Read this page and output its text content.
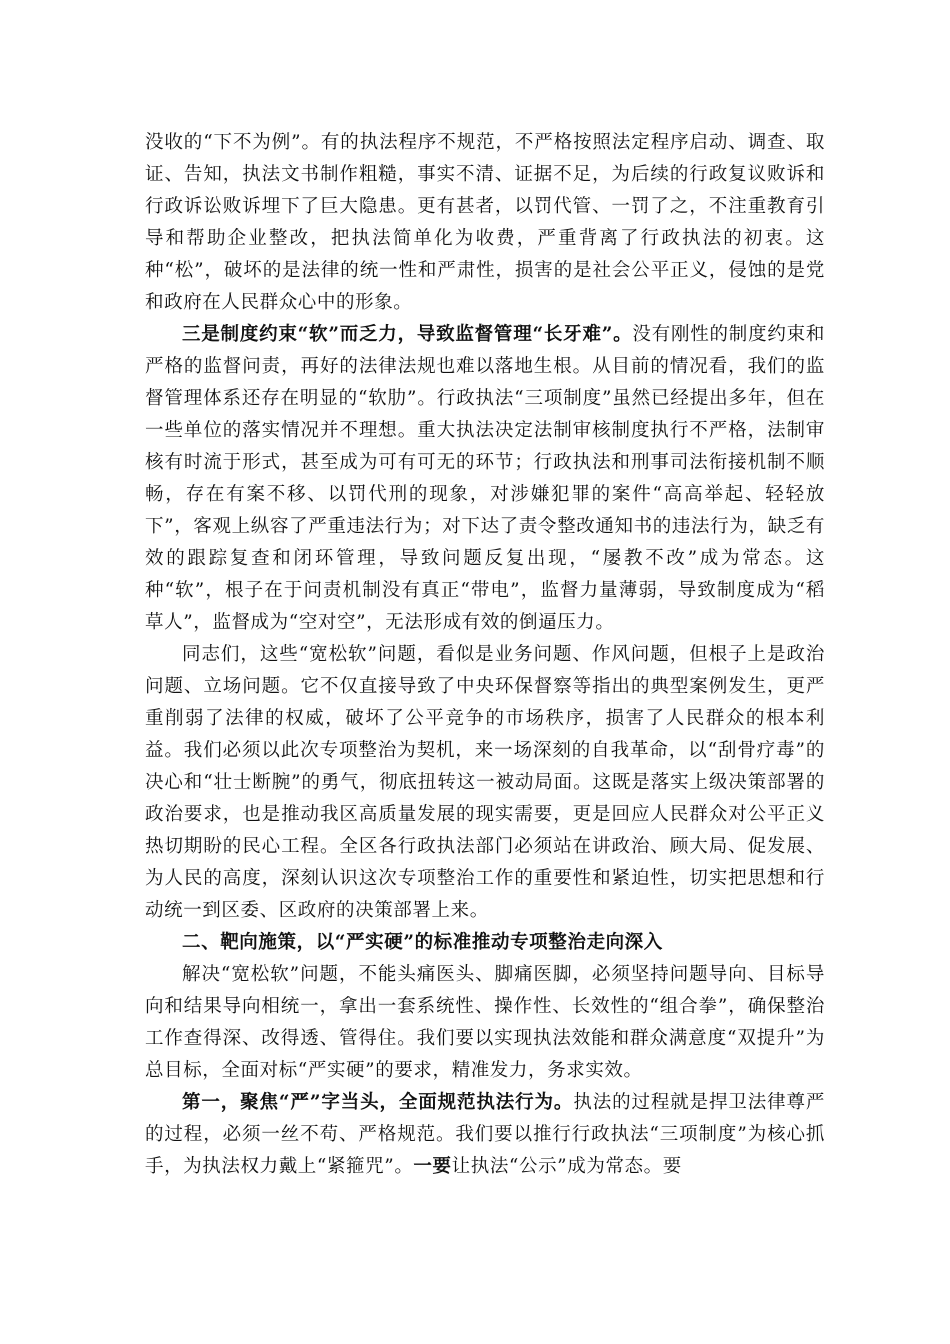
没收的“下不为例”。有的执法程序不规范，不严格按照法定程序启动、调查、取证、告知，执法文书制作粗糙，事实不清、证据不足，为后续的行政复议败诉和行政诉讼败诉埋下了巨大隐患。更有甚者，以罚代管、一罚了之，不注重教育引导和帮助企业整改，把执法简单化为收费，严重背离了行政执法的初衷。这种“松”，破坏的是法律的统一性和严肃性，损害的是社会公平正义，侵蚀的是党和政府在人民群众心中的形象。

三是制度约束“软”而乏力，导致监督管理“长牙难”。没有刚性的制度约束和严格的监督问责，再好的法律法规也难以落地生根。从目前的情况看，我们的监督管理体系还存在明显的“软肋”。行政执法“三项制度”虽然已经提出多年，但在一些单位的落实情况并不理想。重大执法决定法制审核制度执行不严格，法制审核有时流于形式，甚至成为可有可无的环节；行政执法和刑事司法衔接机制不顺畅，存在有案不移、以罚代刑的现象，对涉嫌犯罪的案件“高高举起、轻轻放下”，客观上纵容了严重违法行为；对下达了责令整改通知书的违法行为，缺乏有效的跟踪复查和闭环管理，导致问题反复出现，“屡教不改”成为常态。这种“软”，根子在于问责机制没有真正“带电”，监督力量薄弱，导致制度成为“稻草人”，监督成为“空对空”，无法形成有效的倒逼压力。

同志们，这些“宽松软”问题，看似是业务问题、作风问题，但根子上是政治问题、立场问题。它不仅直接导致了中央环保督察等指出的典型案例发生，更严重削弱了法律的权威，破坏了公平竞争的市场秩序，损害了人民群众的根本利益。我们必须以此次专项整治为契机，来一场深刻的自我革命，以“刮骨疗毒”的决心和“壮士断腕”的勇气，彻底扭转这一被动局面。这既是落实上级决策部署的政治要求，也是推动我区高质量发展的现实需要，更是回应人民群众对公平正义热切期盼的民心工程。全区各行政执法部门必须站在讲政治、顾大局、促发展、为人民的高度，深刻认识这次专项整治工作的重要性和紧迫性，切实把思想和行动统一到区委、区政府的决策部署上来。

二、靶向施策，以“严实硬”的标准推动专项整治走向深入

解决“宽松软”问题，不能头痛医头、脚痛医脚，必须坚持问题导向、目标导向和结果导向相统一，拿出一套系统性、操作性、长效性的“组合拳”，确保整治工作查得深、改得透、管得住。我们要以实现执法效能和群众满意度“双提升”为总目标，全面对标“严实硬”的要求，精准发力，务求实效。

第一，聚焦“严”字当头，全面规范执法行为。执法的过程就是捍卫法律尊严的过程，必须一丝不苟、严格规范。我们要以推行行政执法“三项制度”为核心抓手，为执法权力戴上“紧箍咒”。一要让执法“公示”成为常态。要
